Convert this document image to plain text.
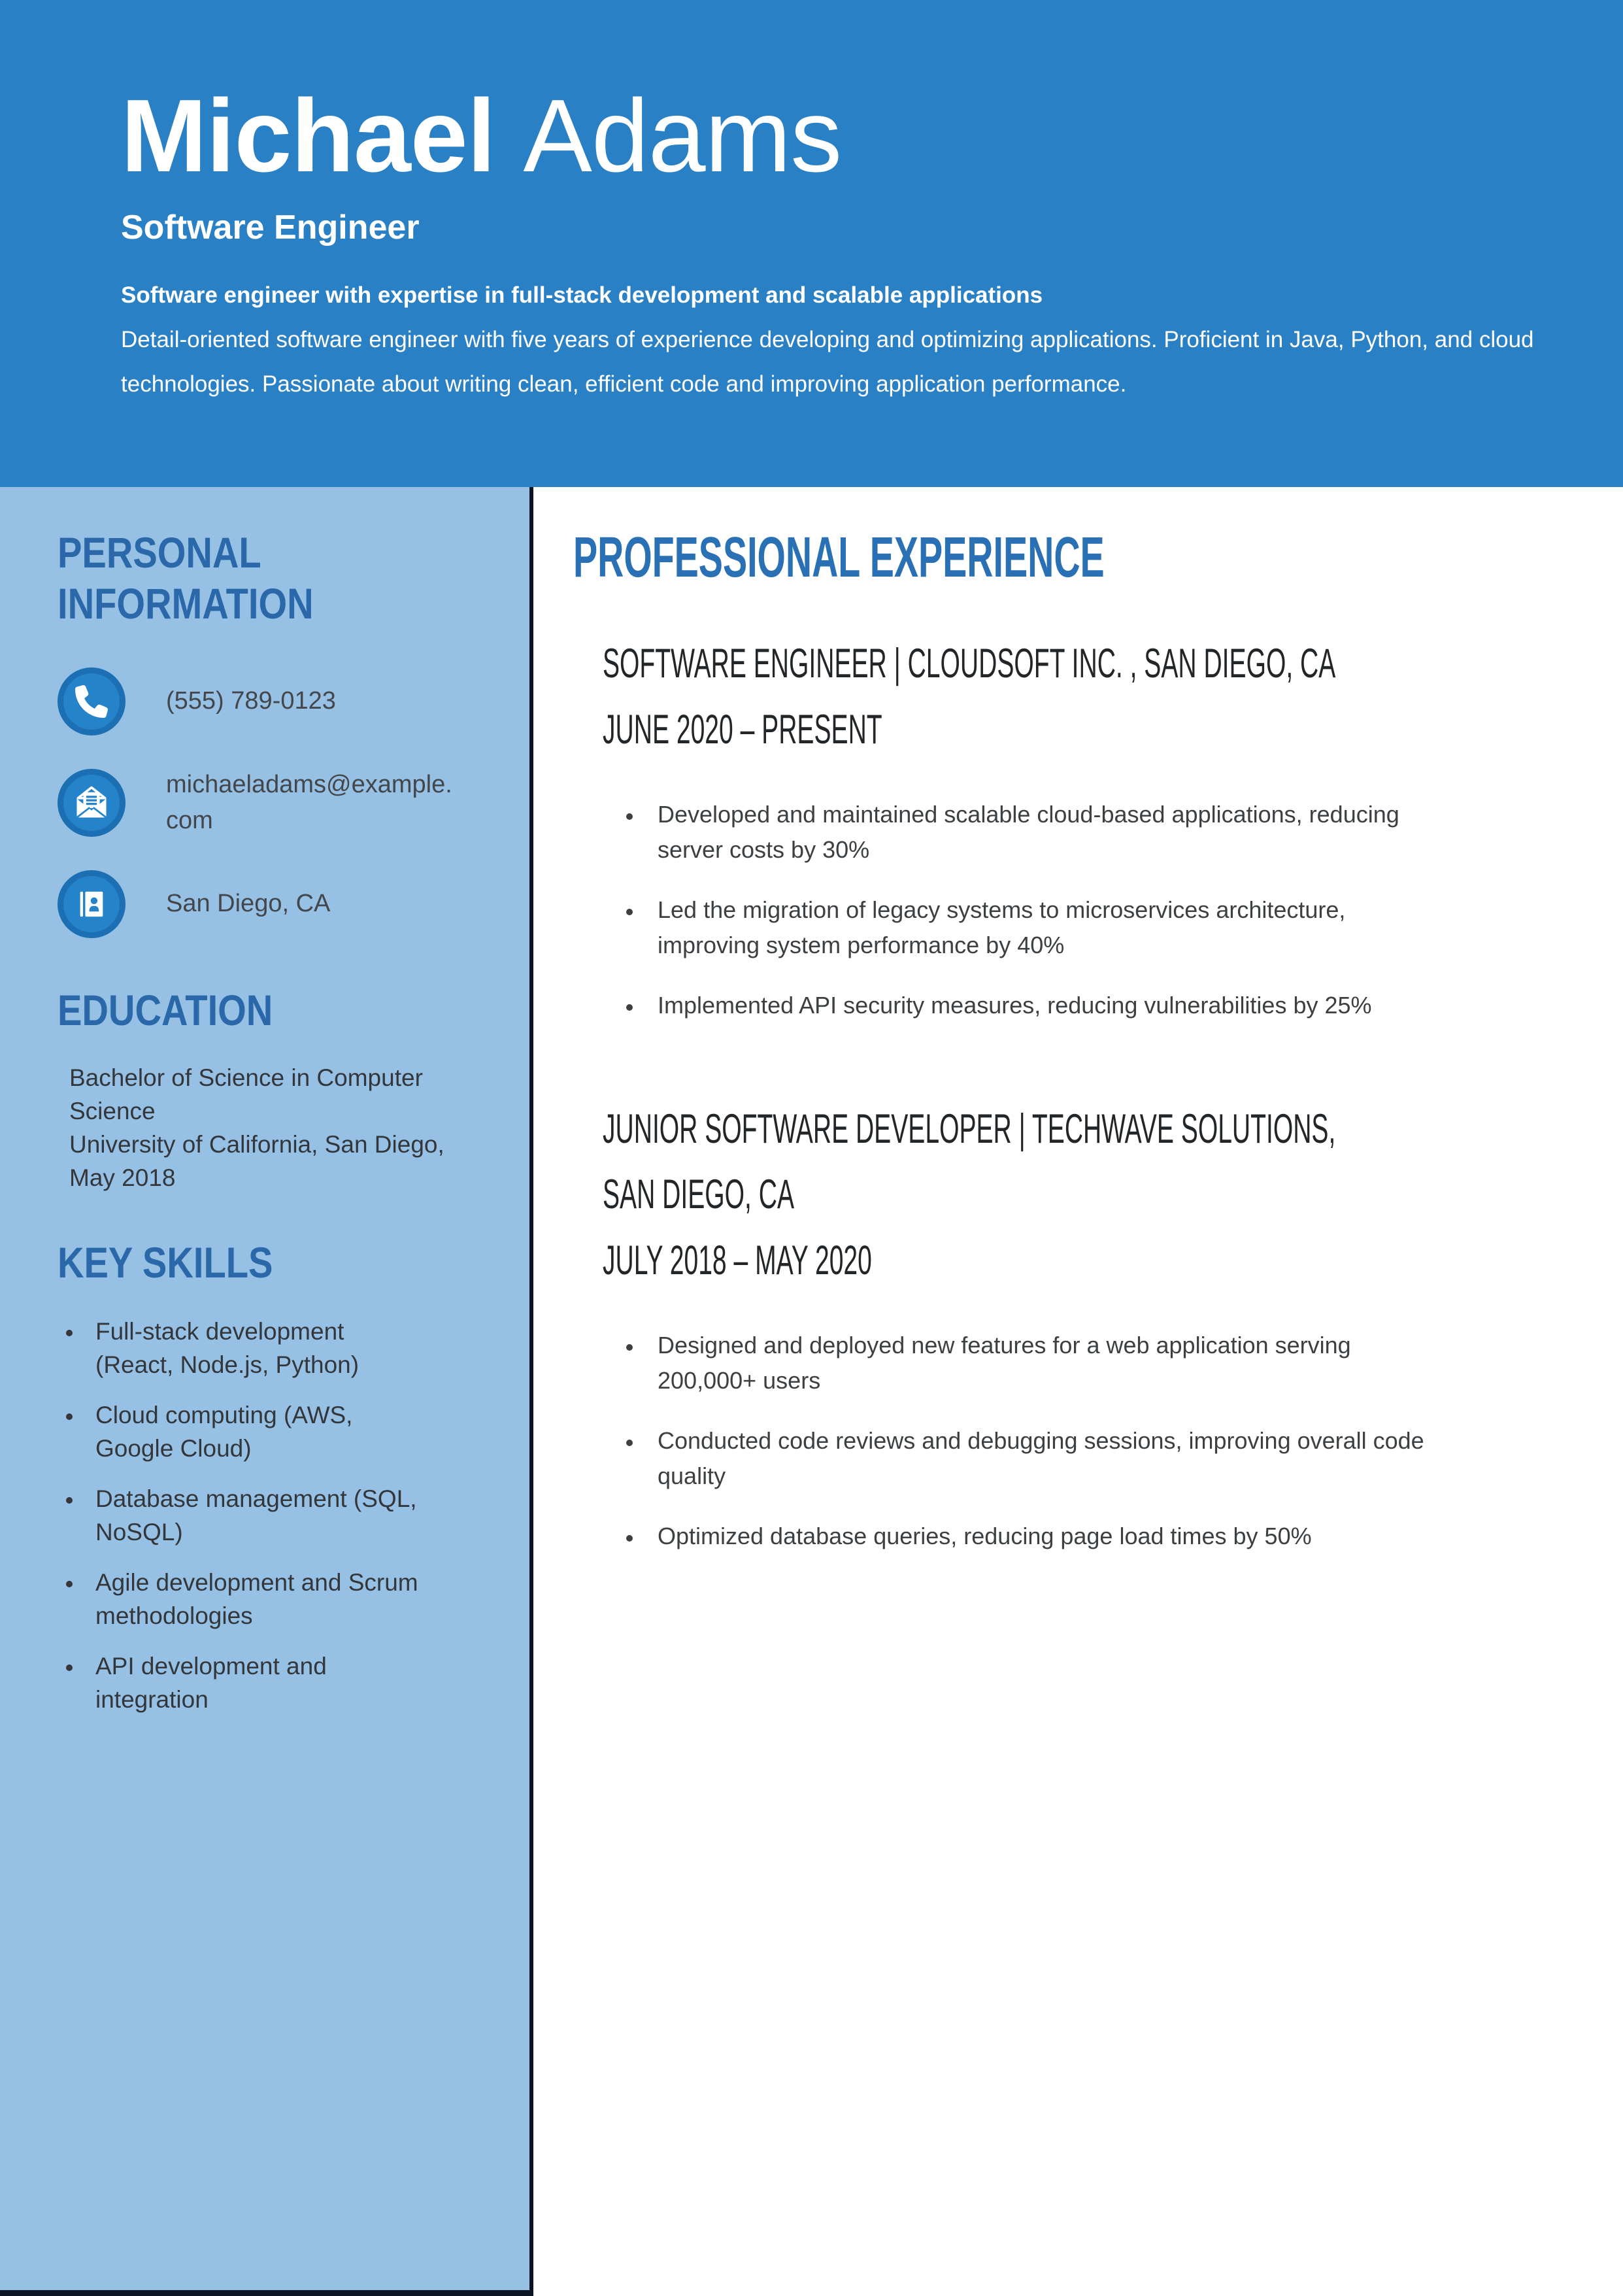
Michael Adams
Software Engineer

Software engineer with expertise in full-stack development and scalable applications
Detail-oriented software engineer with five years of experience developing and optimizing applications. Proficient in Java, Python, and cloud technologies. Passionate about writing clean, efficient code and improving application performance.

PERSONAL INFORMATION
(555) 789-0123
michaeladams@example.com
San Diego, CA
EDUCATION
Bachelor of Science in Computer Science
University of California, San Diego, May 2018
KEY SKILLS
• Full-stack development (React, Node.js, Python)
• Cloud computing (AWS, Google Cloud)
• Database management (SQL, NoSQL)
• Agile development and Scrum methodologies
• API development and integration
PROFESSIONAL EXPERIENCE
SOFTWARE ENGINEER | CLOUDSOFT INC. , SAN DIEGO, CA
JUNE 2020 – PRESENT
• Developed and maintained scalable cloud-based applications, reducing server costs by 30%
• Led the migration of legacy systems to microservices architecture, improving system performance by 40%
• Implemented API security measures, reducing vulnerabilities by 25%
JUNIOR SOFTWARE DEVELOPER | TECHWAVE SOLUTIONS, SAN DIEGO, CA
JULY 2018 – MAY 2020
• Designed and deployed new features for a web application serving 200,000+ users
• Conducted code reviews and debugging sessions, improving overall code quality
• Optimized database queries, reducing page load times by 50%
